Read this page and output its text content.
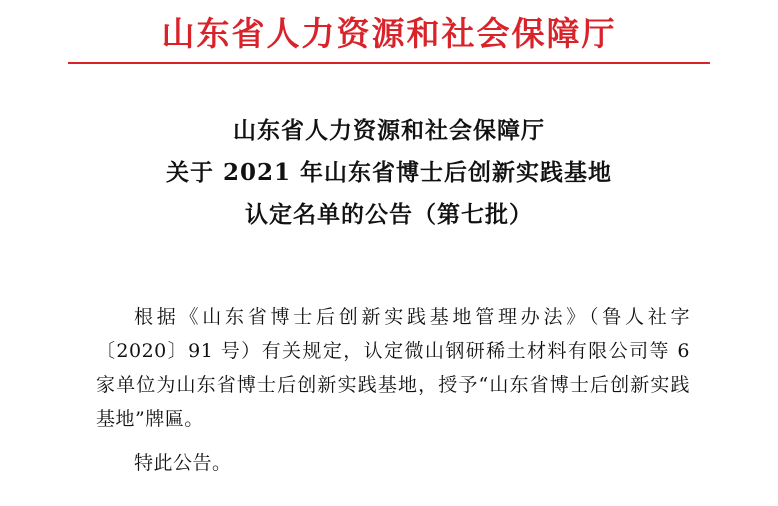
山东省人力资源和社会保障厅
山东省人力资源和社会保障厅
关于 2021 年山东省博士后创新实践基地
认定名单的公告（第七批）

根据《山东省博士后创新实践基地管理办法》（鲁人社字〔2020〕91 号）有关规定，认定微山钢研稀土材料有限公司等 6 家单位为山东省博士后创新实践基地，授予“山东省博士后创新实践基地”牌匾。

特此公告。
